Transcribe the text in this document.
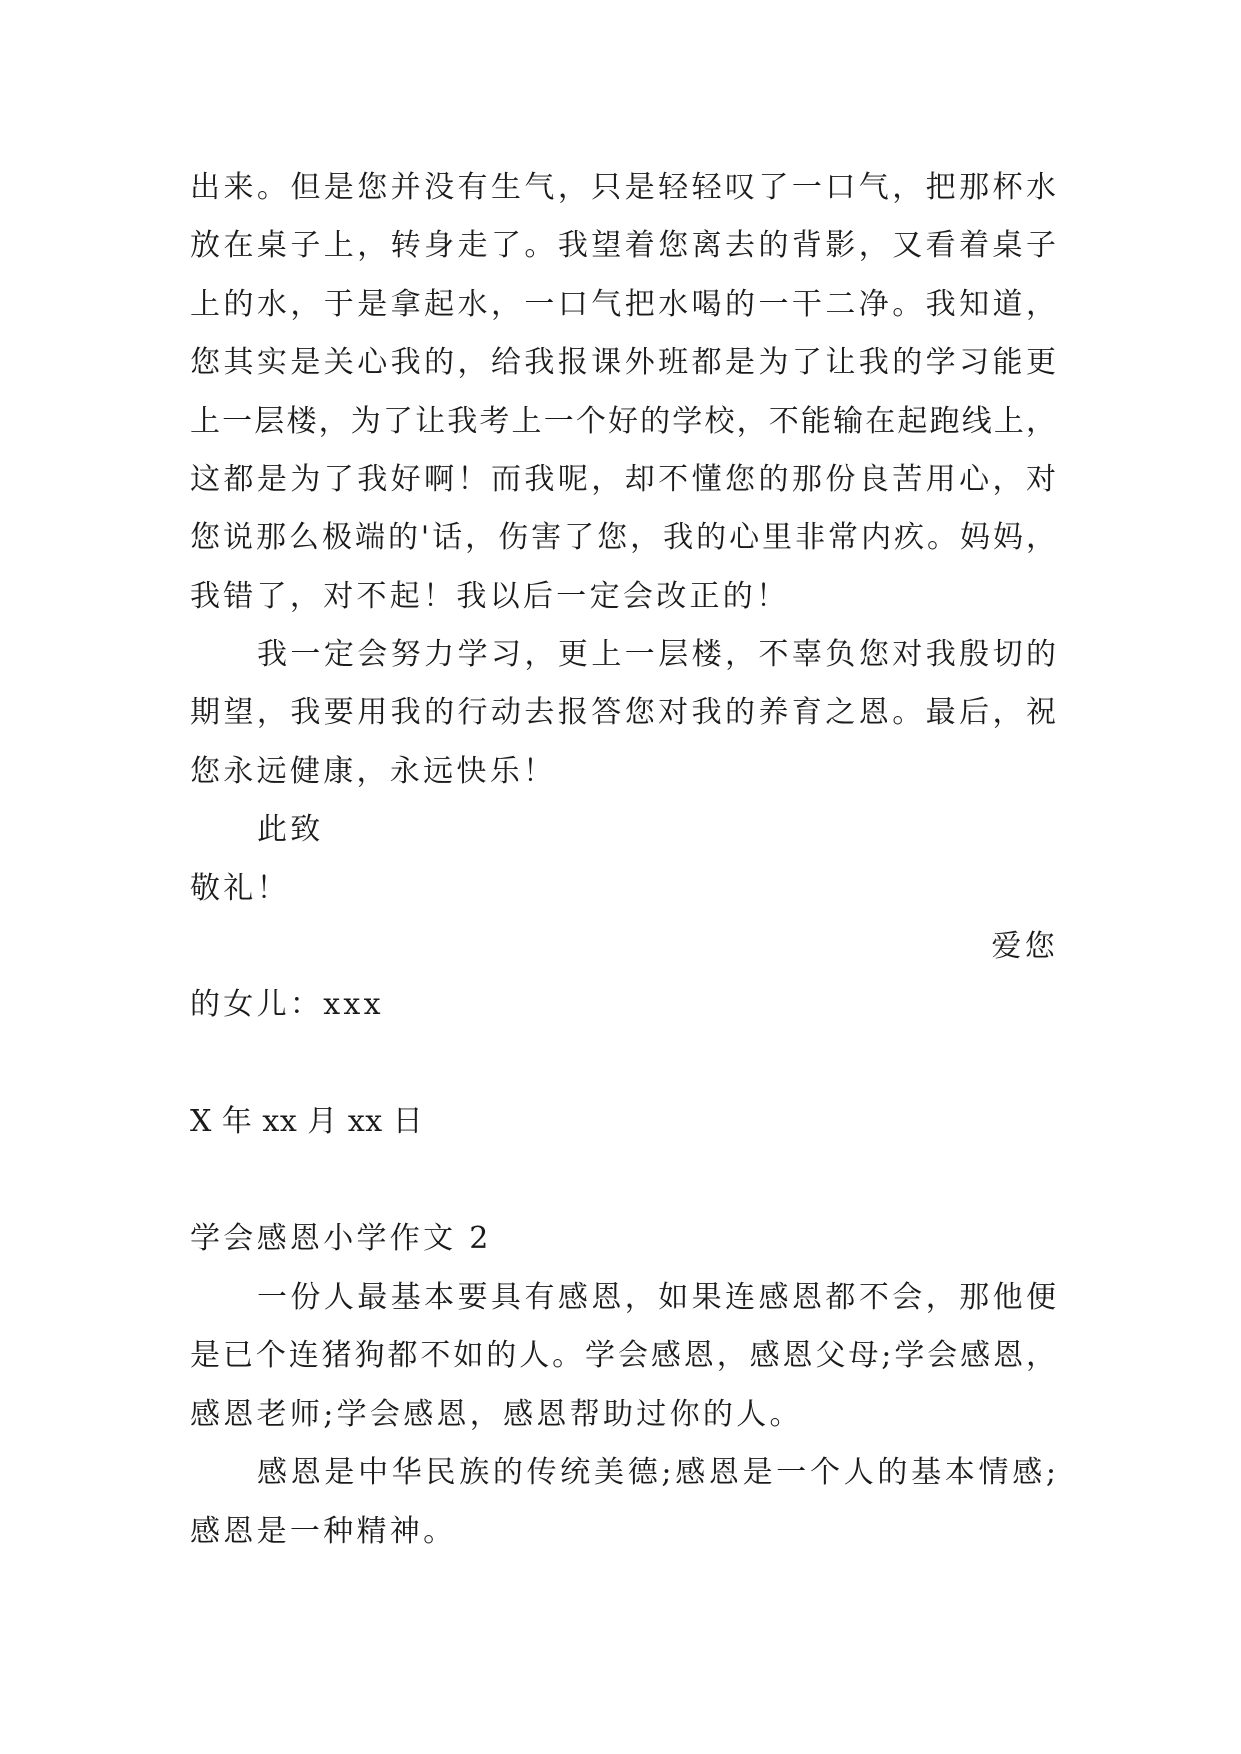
出来。但是您并没有生气，只是轻轻叹了一口气，把那杯水
放在桌子上，转身走了。我望着您离去的背影，又看着桌子
上的水，于是拿起水，一口气把水喝的一干二净。我知道，
您其实是关心我的，给我报课外班都是为了让我的学习能更
上一层楼，为了让我考上一个好的学校，不能输在起跑线上，
这都是为了我好啊！而我呢，却不懂您的那份良苦用心，对
您说那么极端的'话，伤害了您，我的心里非常内疚。妈妈，
我错了，对不起！我以后一定会改正的！
我一定会努力学习，更上一层楼，不辜负您对我殷切的
期望，我要用我的行动去报答您对我的养育之恩。最后，祝
您永远健康，永远快乐！
此致
敬礼！
爱您
的女儿：xxx
X 年 xx 月 xx 日
学会感恩小学作文 2
一份人最基本要具有感恩，如果连感恩都不会，那他便
是已个连猪狗都不如的人。学会感恩，感恩父母;学会感恩，
感恩老师;学会感恩，感恩帮助过你的人。
感恩是中华民族的传统美德;感恩是一个人的基本情感;
感恩是一种精神。
